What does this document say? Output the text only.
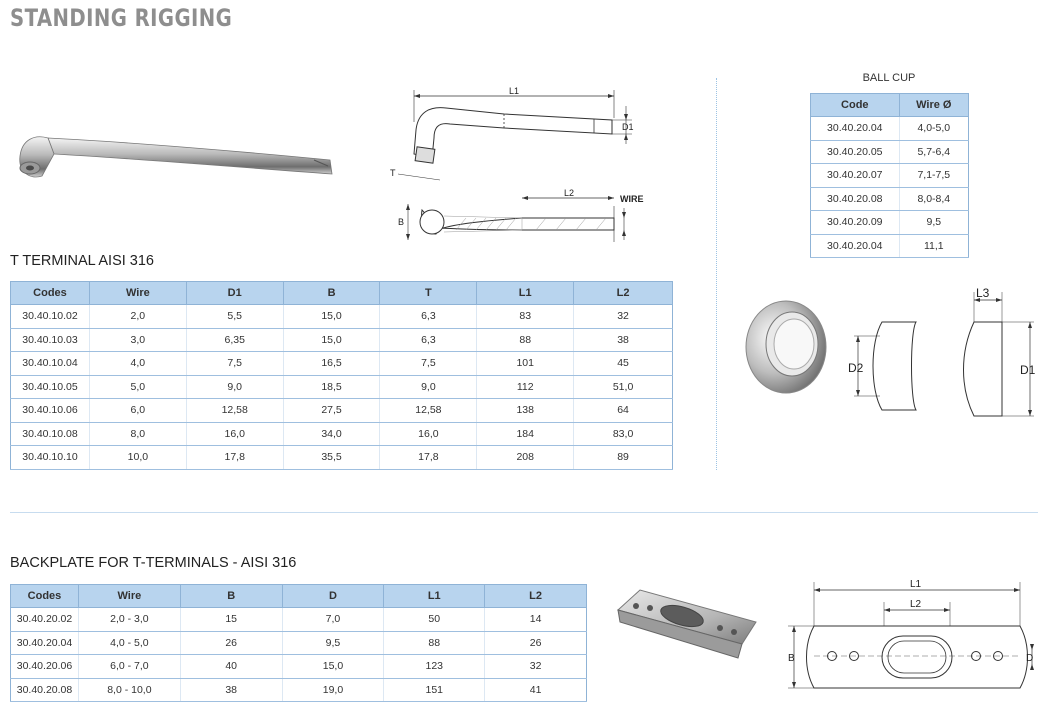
STANDING RIGGING
L1
D1
T
L2
WIRE
B
T TERMINAL AISI 316
Codes	Wire	D1	B	T	L1	L2
30.40.10.02	2,0	5,5	15,0	6,3	83	32
30.40.10.03	3,0	6,35	15,0	6,3	88	38
30.40.10.04	4,0	7,5	16,5	7,5	101	45
30.40.10.05	5,0	9,0	18,5	9,0	112	51,0
30.40.10.06	6,0	12,58	27,5	12,58	138	64
30.40.10.08	8,0	16,0	34,0	16,0	184	83,0
30.40.10.10	10,0	17,8	35,5	17,8	208	89
BALL CUP
Code	Wire Ø
30.40.20.04	4,0-5,0
30.40.20.05	5,7-6,4
30.40.20.07	7,1-7,5
30.40.20.08	8,0-8,4
30.40.20.09	9,5
30.40.20.04	11,1
D2
L3
D1
BACKPLATE FOR T-TERMINALS - AISI 316
Codes	Wire	B	D	L1	L2
30.40.20.02	2,0 - 3,0	15	7,0	50	14
30.40.20.04	4,0 - 5,0	26	9,5	88	26
30.40.20.06	6,0 - 7,0	40	15,0	123	32
30.40.20.08	8,0 - 10,0	38	19,0	151	41
L1
L2
B	D
